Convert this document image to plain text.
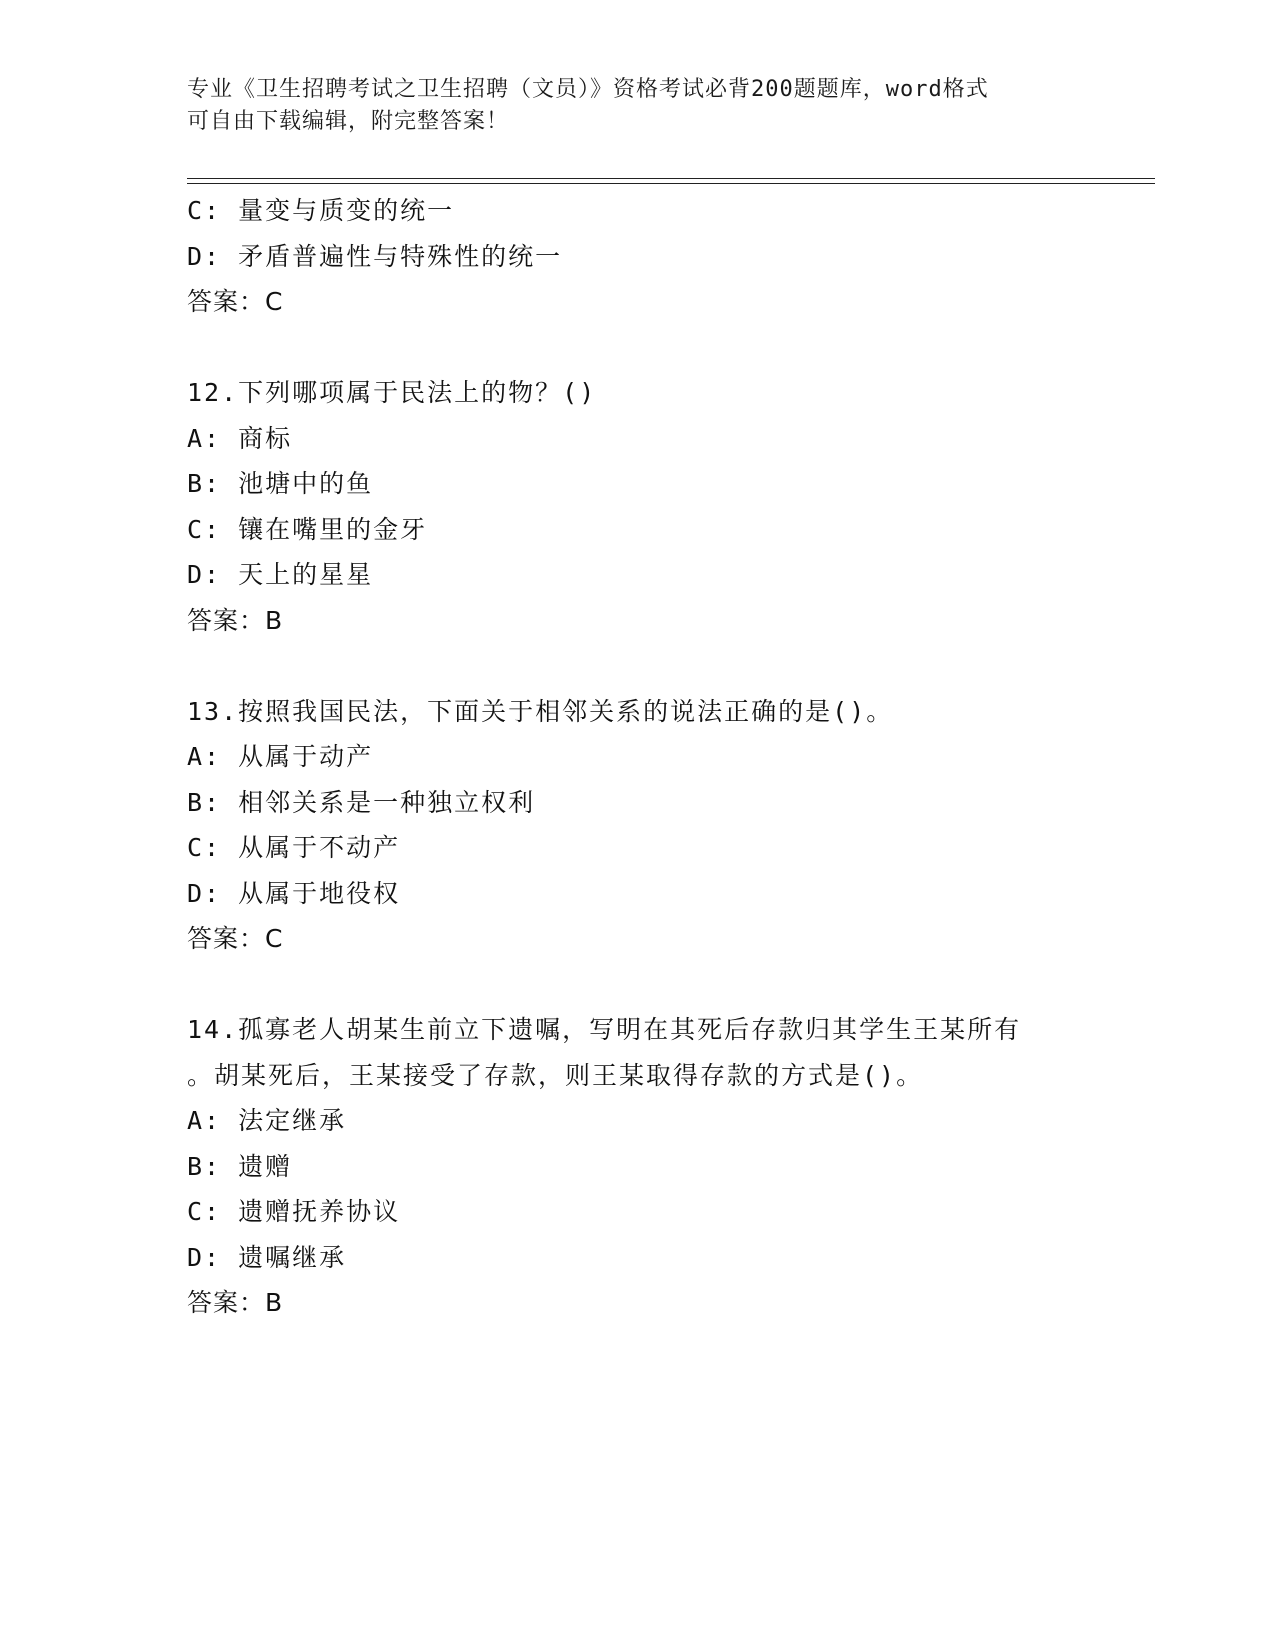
专业《卫生招聘考试之卫生招聘（文员）》资格考试必背200题题库，word格式
可自由下载编辑，附完整答案！
C: 量变与质变的统一
D: 矛盾普遍性与特殊性的统一
答案：C
12.下列哪项属于民法上的物？()
A: 商标
B: 池塘中的鱼
C: 镶在嘴里的金牙
D: 天上的星星
答案：B
13.按照我国民法，下面关于相邻关系的说法正确的是()。
A: 从属于动产
B: 相邻关系是一种独立权利
C: 从属于不动产
D: 从属于地役权
答案：C
14.孤寡老人胡某生前立下遗嘱，写明在其死后存款归其学生王某所有
。胡某死后，王某接受了存款，则王某取得存款的方式是()。
A: 法定继承
B: 遗赠
C: 遗赠抚养协议
D: 遗嘱继承
答案：B
